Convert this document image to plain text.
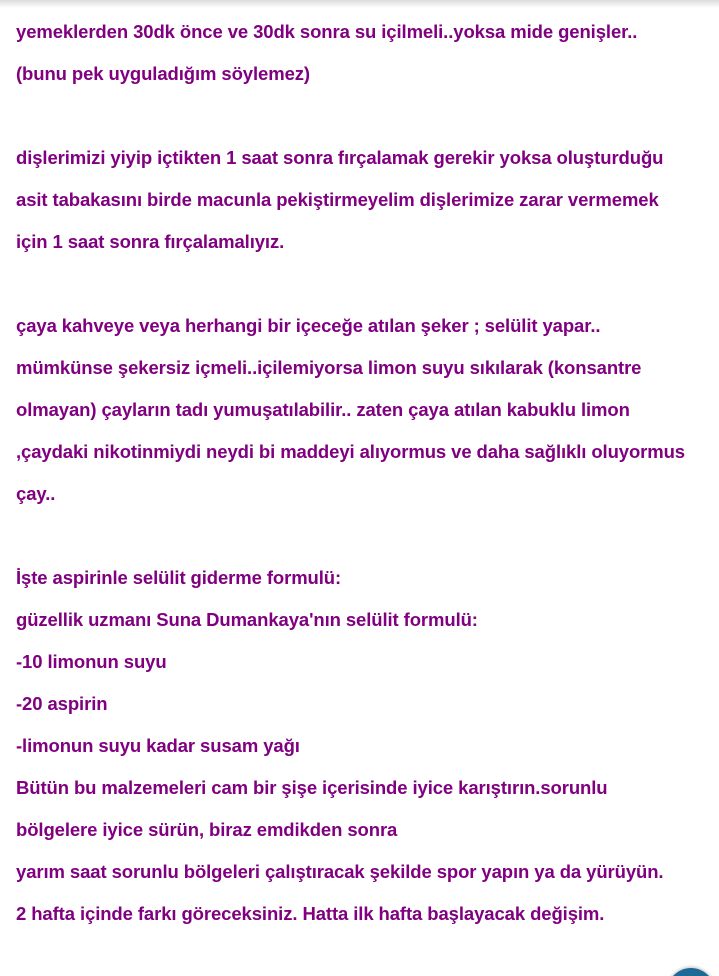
yemeklerden 30dk önce ve 30dk sonra su içilmeli..yoksa mide genişler..
(bunu pek uyguladığım söylemez)
dişlerimizi yiyip içtikten 1 saat sonra fırçalamak gerekir yoksa oluşturduğu
asit tabakasını birde macunla pekiştirmeyelim dişlerimize zarar vermemek
için 1 saat sonra fırçalamalıyız.
çaya kahveye veya herhangi bir içeceğe atılan şeker ; selülit yapar..
mümkünse şekersiz içmeli..içilemiyorsa limon suyu sıkılarak (konsantre
olmayan) çayların tadı yumuşatılabilir.. zaten çaya atılan kabuklu limon
,çaydaki nikotinmiydi neydi bi maddeyi alıyormus ve daha sağlıklı oluyormus
çay..
İşte aspirinle selülit giderme formulü:
güzellik uzmanı Suna Dumankaya'nın selülit formulü:
-10 limonun suyu
-20 aspirin
-limonun suyu kadar susam yağı
Bütün bu malzemeleri cam bir şişe içerisinde iyice karıştırın.sorunlu
bölgelere iyice sürün, biraz emdikden sonra
yarım saat sorunlu bölgeleri çalıştıracak şekilde spor yapın ya da yürüyün.
2 hafta içinde farkı göreceksiniz. Hatta ilk hafta başlayacak değişim.
